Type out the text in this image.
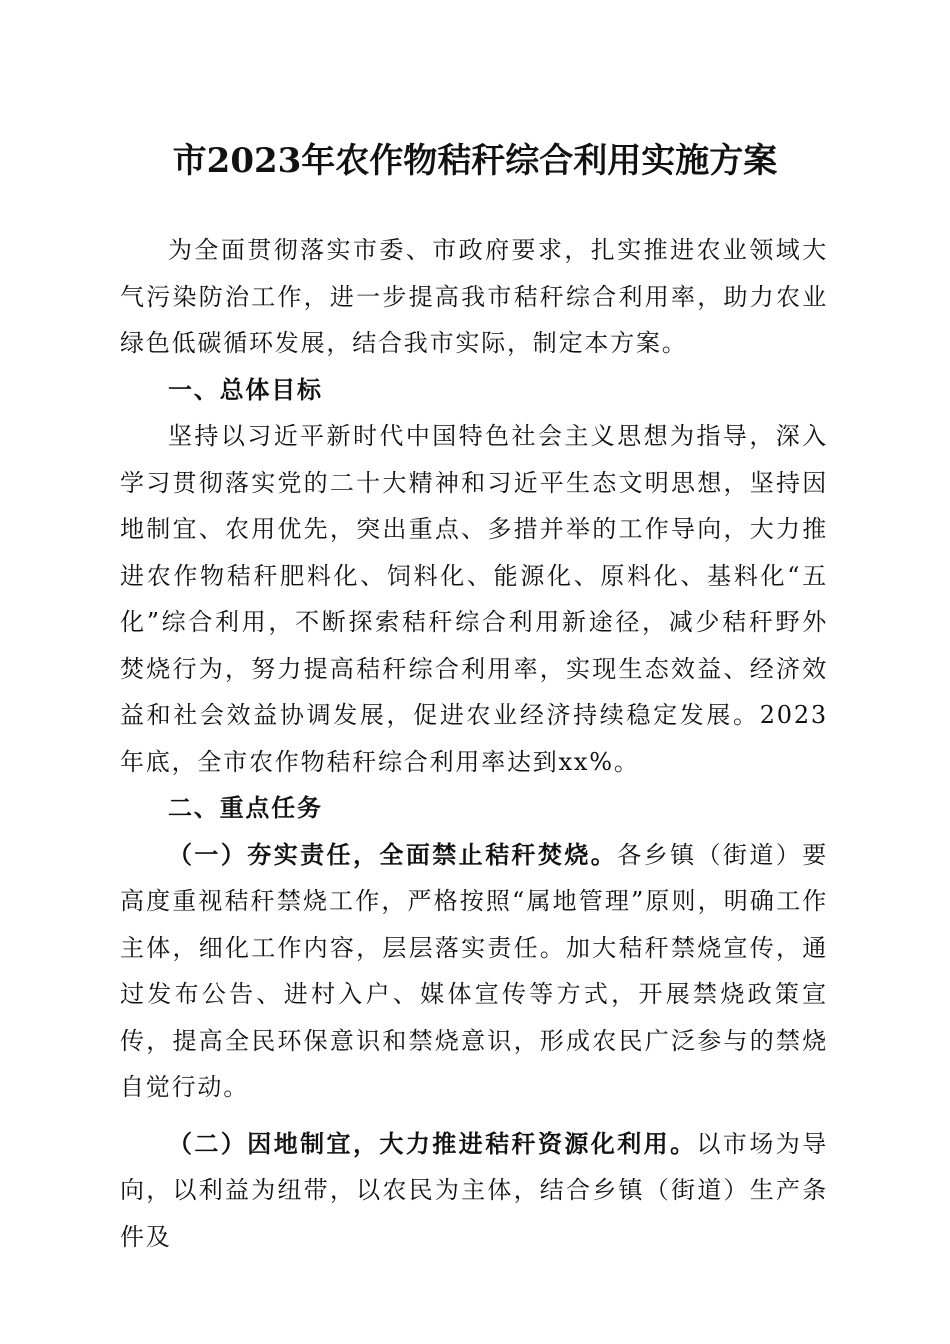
市2023年农作物秸秆综合利用实施方案

为全面贯彻落实市委、市政府要求，扎实推进农业领域大气污染防治工作，进一步提高我市秸秆综合利用率，助力农业绿色低碳循环发展，结合我市实际，制定本方案。

一、总体目标

坚持以习近平新时代中国特色社会主义思想为指导，深入学习贯彻落实党的二十大精神和习近平生态文明思想，坚持因地制宜、农用优先，突出重点、多措并举的工作导向，大力推进农作物秸秆肥料化、饲料化、能源化、原料化、基料化“五化”综合利用，不断探索秸秆综合利用新途径，减少秸秆野外焚烧行为，努力提高秸秆综合利用率，实现生态效益、经济效益和社会效益协调发展，促进农业经济持续稳定发展。2023年底，全市农作物秸秆综合利用率达到xx%。

二、重点任务

（一）夯实责任，全面禁止秸秆焚烧。各乡镇（街道）要高度重视秸秆禁烧工作，严格按照“属地管理”原则，明确工作主体，细化工作内容，层层落实责任。加大秸秆禁烧宣传，通过发布公告、进村入户、媒体宣传等方式，开展禁烧政策宣传，提高全民环保意识和禁烧意识，形成农民广泛参与的禁烧自觉行动。

（二）因地制宜，大力推进秸秆资源化利用。以市场为导向，以利益为纽带，以农民为主体，结合乡镇（街道）生产条件及
